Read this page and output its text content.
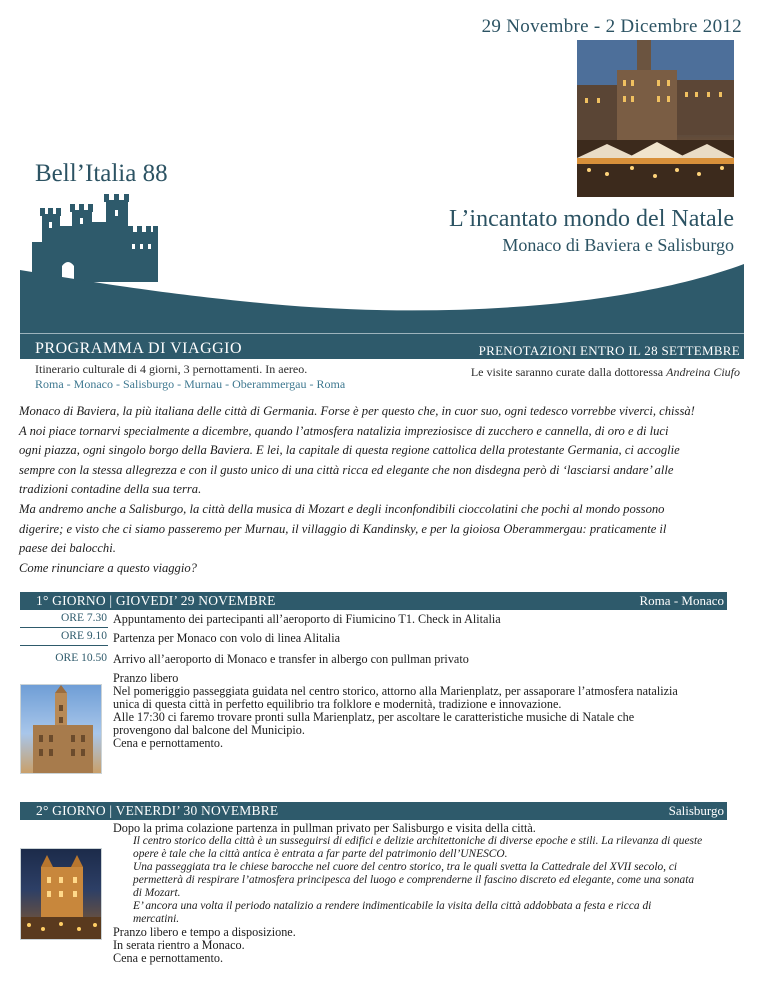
29 Novembre - 2 Dicembre 2012
Bell’Italia 88
L’incantato mondo del Natale
Monaco di Baviera e Salisburgo
PROGRAMMA DI VIAGGIO	PRENOTAZIONI ENTRO IL 28 SETTEMBRE
Itinerario culturale di 4 giorni, 3 pernottamenti. In aereo.
Roma - Monaco - Salisburgo - Murnau - Oberammergau - Roma
Le visite saranno curate dalla dottoressa Andreina Ciufo

Monaco di Baviera, la più italiana delle città di Germania. Forse è per questo che, in cuor suo, ogni tedesco vorrebbe viverci, chissà!

A noi piace tornarvi specialmente a dicembre, quando l’atmosfera natalizia impreziosisce di zucchero e cannella, di oro e di luci

ogni piazza, ogni singolo borgo della Baviera. E lei, la capitale di questa regione cattolica della protestante Germania, ci accoglie

sempre con la stessa allegrezza e con il gusto unico di una città ricca ed elegante che non disdegna però di ‘lasciarsi andare’ alle

tradizioni contadine della sua terra.

Ma andremo anche a Salisburgo, la città della musica di Mozart e degli inconfondibili cioccolatini che pochi al mondo possono

digerire; e visto che ci siamo passeremo per Murnau, il villaggio di Kandinsky, e per la gioiosa Oberammergau: praticamente il

paese dei balocchi.

Come rinunciare a questo viaggio?

1° GIORNO | GIOVEDI’ 29 NOVEMBRE	Roma - Monaco
ORE 7.30 Appuntamento dei partecipanti all’aeroporto di Fiumicino T1. Check in Alitalia
ORE 9.10 Partenza per Monaco con volo di linea Alitalia
ORE 10.50 Arrivo all’aeroporto di Monaco e transfer in albergo con pullman privato
Pranzo libero
Nel pomeriggio passeggiata guidata nel centro storico, attorno alla Marienplatz, per assaporare l’atmosfera natalizia
unica di questa città in perfetto equilibrio tra folklore e modernità, tradizione e innovazione.
Alle 17:30 ci faremo trovare pronti sulla Marienplatz, per ascoltare le caratteristiche musiche di Natale che
provengono dal balcone del Municipio.
Cena e pernottamento.
2° GIORNO | VENERDI’ 30 NOVEMBRE	Salisburgo
Dopo la prima colazione partenza in pullman privato per Salisburgo e visita della città.
Il centro storico della città è un susseguirsi di edifici e delizie architettoniche di diverse epoche e stili. La rilevanza di queste
opere è tale che la città antica è entrata a far parte del patrimonio dell’UNESCO.
Una passeggiata tra le chiese barocche nel cuore del centro storico, tra le quali svetta la Cattedrale del XVII secolo, ci
permetterà di respirare l’atmosfera principesca del luogo e comprenderne il fascino discreto ed elegante, come una sonata
di Mozart.
E’ ancora una volta il periodo natalizio a rendere indimenticabile la visita della città addobbata a festa e ricca di
mercatini.
Pranzo libero e tempo a disposizione.
In serata rientro a Monaco.
Cena e pernottamento.
